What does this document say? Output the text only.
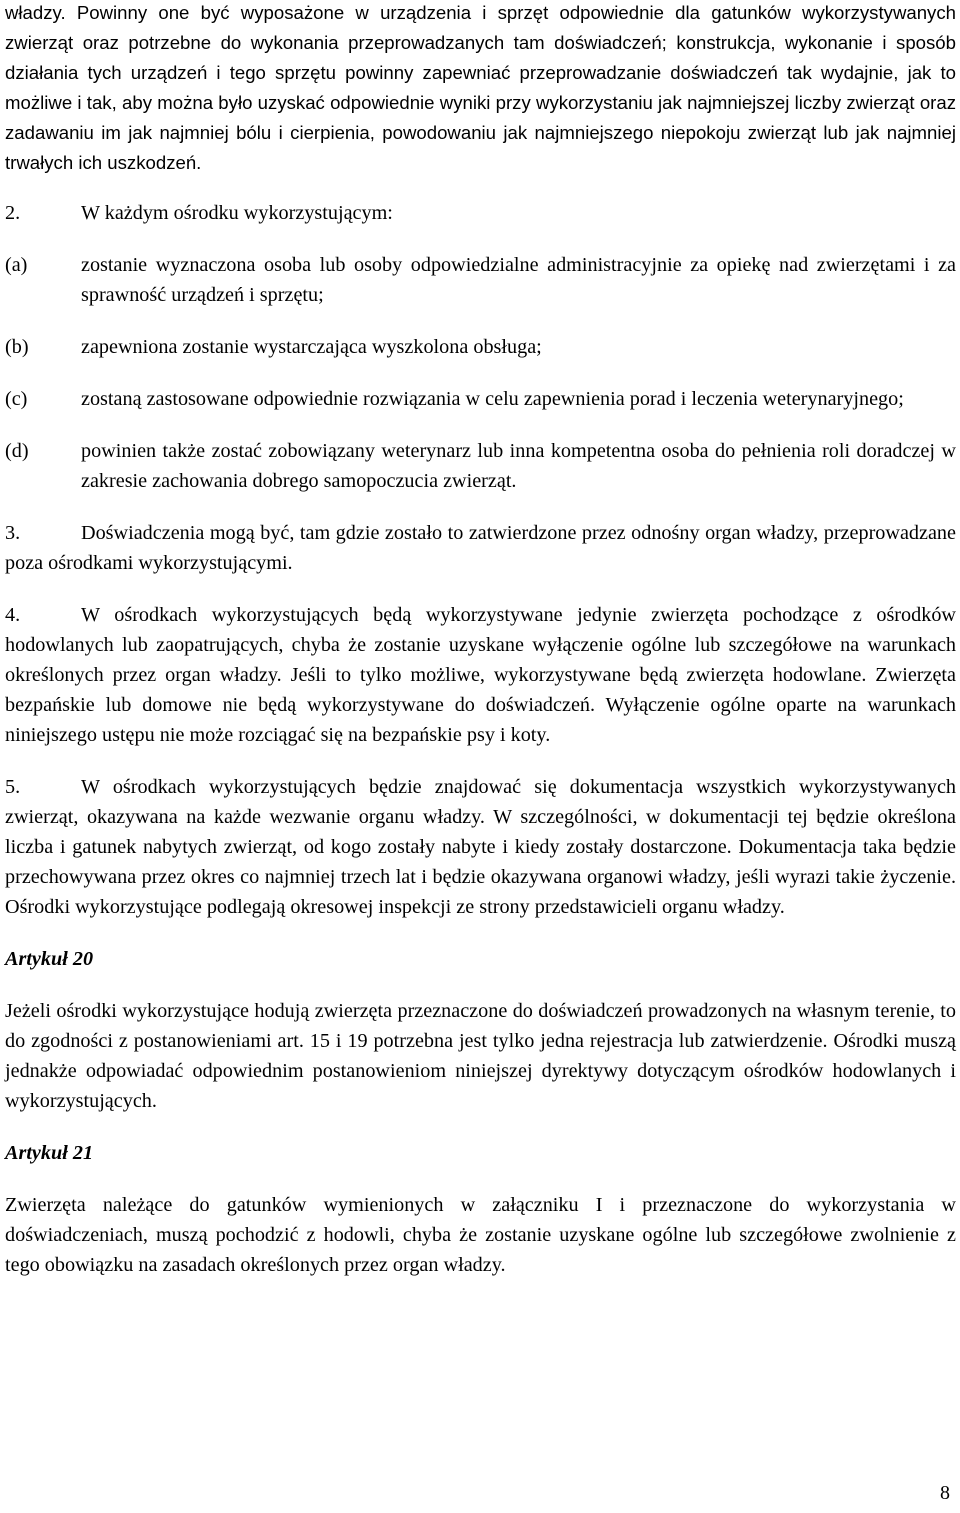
władzy. Powinny one być wyposażone w urządzenia i sprzęt odpowiednie dla gatunków wykorzystywanych zwierząt oraz potrzebne do wykonania przeprowadzanych tam doświadczeń; konstrukcja, wykonanie i sposób działania tych urządzeń i tego sprzętu powinny zapewniać przeprowadzanie doświadczeń tak wydajnie, jak to możliwe i tak, aby można było uzyskać odpowiednie wyniki przy wykorzystaniu jak najmniejszej liczby zwierząt oraz zadawaniu im jak najmniej bólu i cierpienia, powodowaniu jak najmniejszego niepokoju zwierząt lub jak najmniej trwałych ich uszkodzeń.

2.	W każdym ośrodku wykorzystującym:

(a)	zostanie wyznaczona osoba lub osoby odpowiedzialne administracyjnie za opiekę nad zwierzętami i za sprawność urządzeń i sprzętu;
(b)	zapewniona zostanie wystarczająca wyszkolona obsługa;
(c)	zostaną zastosowane odpowiednie rozwiązania w celu zapewnienia porad i leczenia weterynaryjnego;
(d)	powinien także zostać zobowiązany weterynarz lub inna kompetentna osoba do pełnienia roli doradczej w zakresie zachowania dobrego samopoczucia zwierząt.

3.	Doświadczenia mogą być, tam gdzie zostało to zatwierdzone przez odnośny organ władzy, przeprowadzane poza ośrodkami wykorzystującymi.

4.	W ośrodkach wykorzystujących będą wykorzystywane jedynie zwierzęta pochodzące z ośrodków hodowlanych lub zaopatrujących, chyba że zostanie uzyskane wyłączenie ogólne lub szczegółowe na warunkach określonych przez organ władzy. Jeśli to tylko możliwe, wykorzystywane będą zwierzęta hodowlane. Zwierzęta bezpańskie lub domowe nie będą wykorzystywane do doświadczeń. Wyłączenie ogólne oparte na warunkach niniejszego ustępu nie może rozciągać się na bezpańskie psy i koty.

5.	W ośrodkach wykorzystujących będzie znajdować się dokumentacja wszystkich wykorzystywanych zwierząt, okazywana na każde wezwanie organu władzy. W szczególności, w dokumentacji tej będzie określona liczba i gatunek nabytych zwierząt, od kogo zostały nabyte i kiedy zostały dostarczone. Dokumentacja taka będzie przechowywana przez okres co najmniej trzech lat i będzie okazywana organowi władzy, jeśli wyrazi takie życzenie. Ośrodki wykorzystujące podlegają okresowej inspekcji ze strony przedstawicieli organu władzy.

Artykuł 20

Jeżeli ośrodki wykorzystujące hodują zwierzęta przeznaczone do doświadczeń prowadzonych na własnym terenie, to do zgodności z postanowieniami art. 15 i 19 potrzebna jest tylko jedna rejestracja lub zatwierdzenie. Ośrodki muszą jednakże odpowiadać odpowiednim postanowieniom niniejszej dyrektywy dotyczącym ośrodków hodowlanych i wykorzystujących.

Artykuł 21

Zwierzęta należące do gatunków wymienionych w załączniku I i przeznaczone do wykorzystania w doświadczeniach, muszą pochodzić z hodowli, chyba że zostanie uzyskane ogólne lub szczegółowe zwolnienie z tego obowiązku na zasadach określonych przez organ władzy.

8
